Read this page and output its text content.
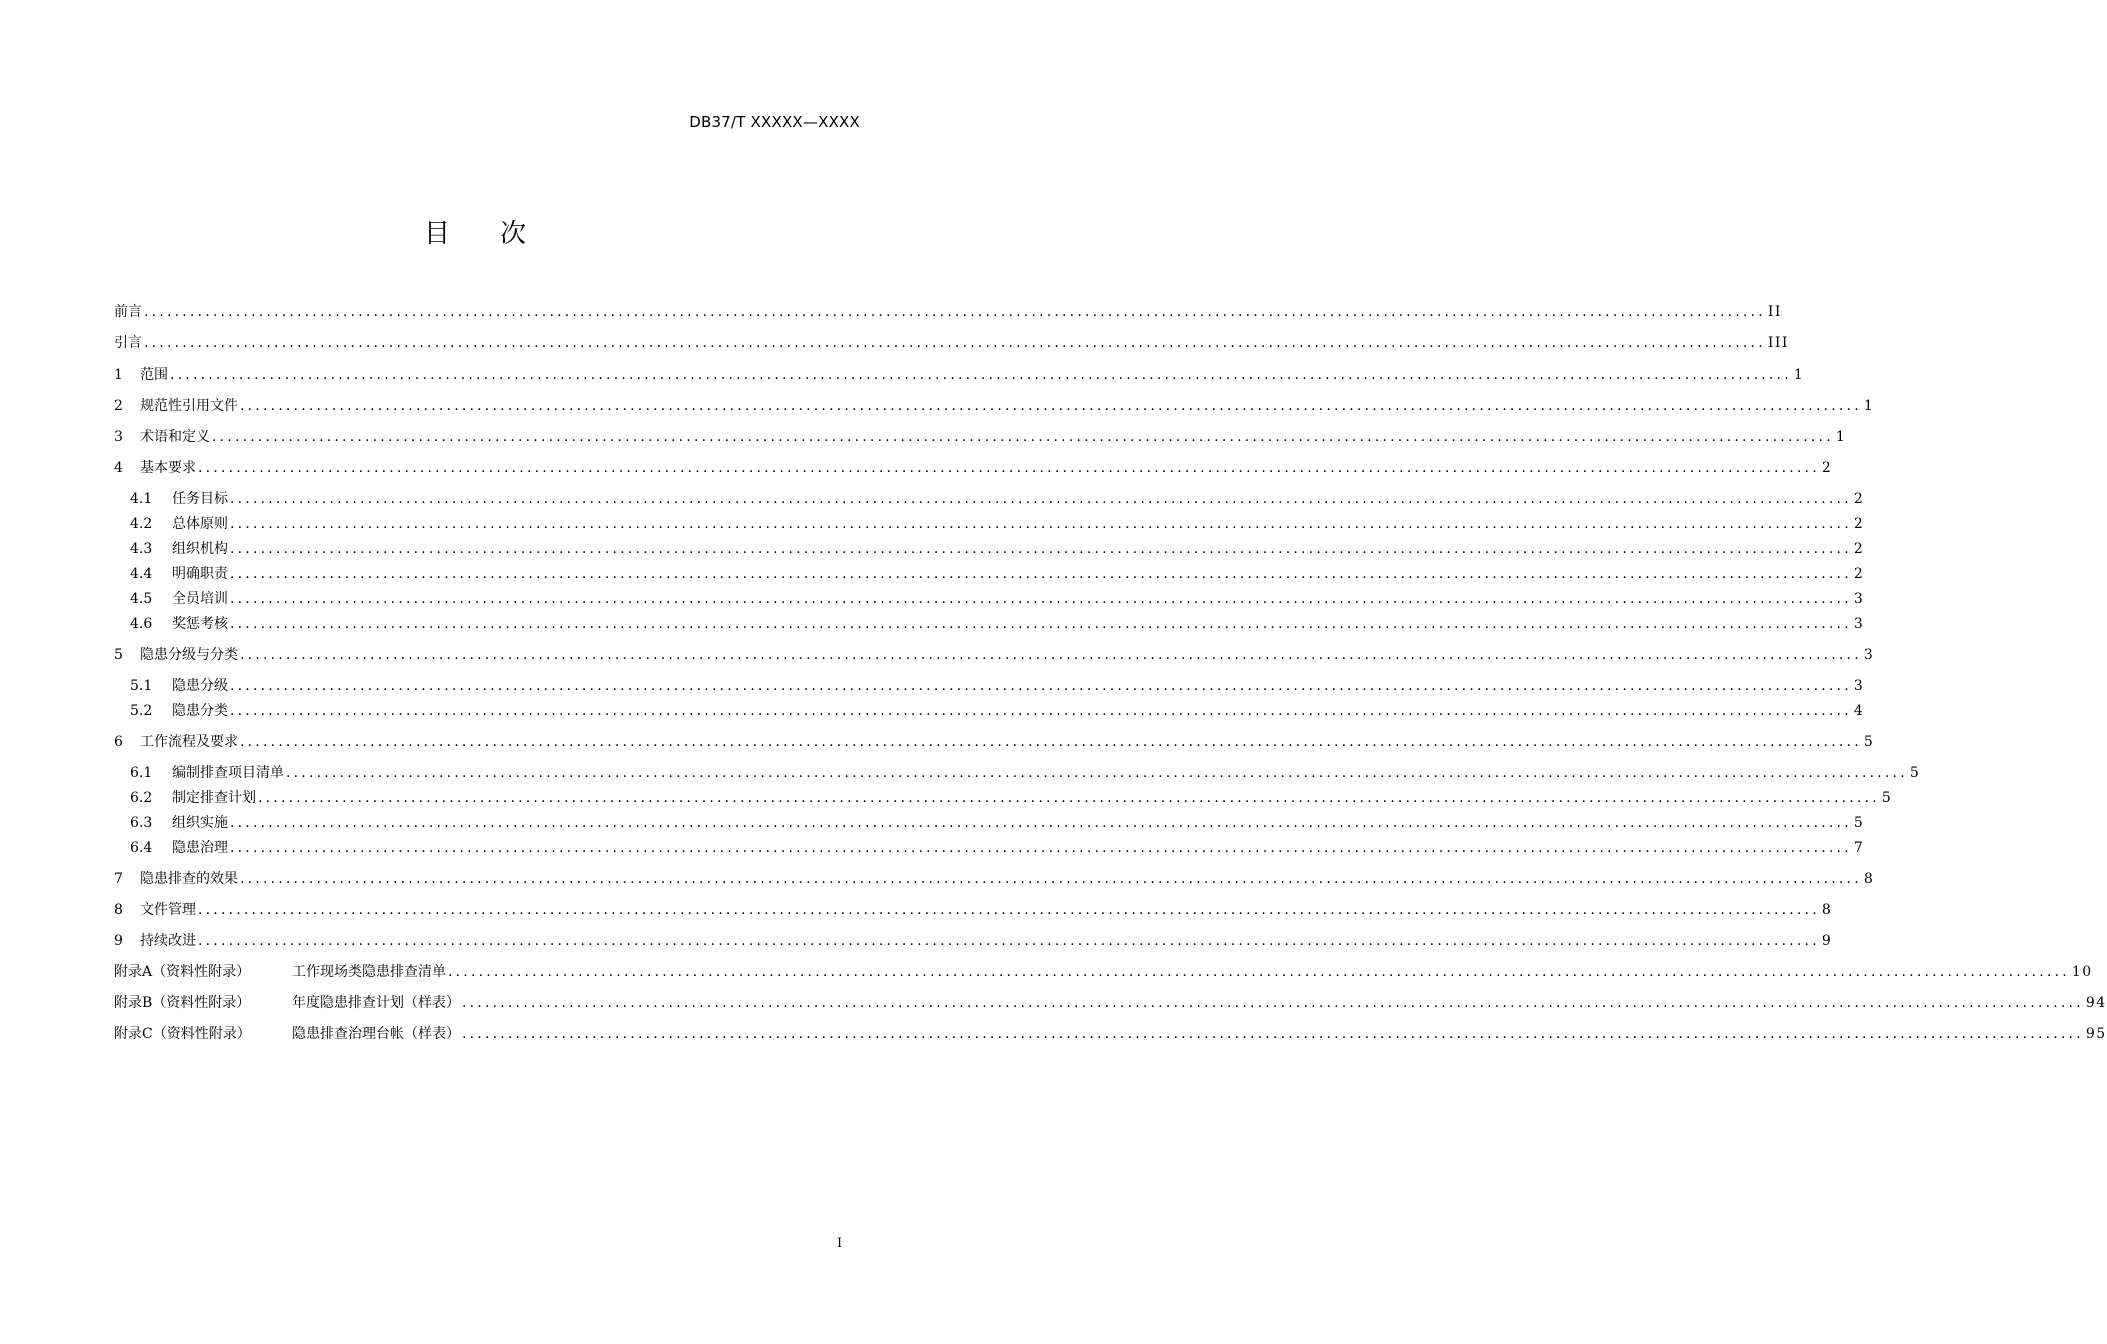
DB37/T XXXXX—XXXX
目 次
前言 .................................................................................................................................................................................................................... II
引言 .................................................................................................................................................................................................................... III
1 范围 .................................................................................................................................................................................................................... 1
2 规范性引用文件 .................................................................................................................................................................................................................... 1
3 术语和定义 .................................................................................................................................................................................................................... 1
4 基本要求 .................................................................................................................................................................................................................... 2
4.1 任务目标 .................................................................................................................................................................................................................... 2
4.2 总体原则 .................................................................................................................................................................................................................... 2
4.3 组织机构 .................................................................................................................................................................................................................... 2
4.4 明确职责 .................................................................................................................................................................................................................... 2
4.5 全员培训 .................................................................................................................................................................................................................... 3
4.6 奖惩考核 .................................................................................................................................................................................................................... 3
5 隐患分级与分类 .................................................................................................................................................................................................................... 3
5.1 隐患分级 .................................................................................................................................................................................................................... 3
5.2 隐患分类 .................................................................................................................................................................................................................... 4
6 工作流程及要求 .................................................................................................................................................................................................................... 5
6.1 编制排查项目清单 .................................................................................................................................................................................................................... 5
6.2 制定排查计划 .................................................................................................................................................................................................................... 5
6.3 组织实施 .................................................................................................................................................................................................................... 5
6.4 隐患治理 .................................................................................................................................................................................................................... 7
7 隐患排查的效果 .................................................................................................................................................................................................................... 8
8 文件管理 .................................................................................................................................................................................................................... 8
9 持续改进 .................................................................................................................................................................................................................... 9
附录A（资料性附录）	工作现场类隐患排查清单 .................................................................................................................................................................................................................... 10
附录B（资料性附录）	年度隐患排查计划（样表） .................................................................................................................................................................................................................... 94
附录C（资料性附录）	隐患排查治理台帐（样表） .................................................................................................................................................................................................................... 95
I
